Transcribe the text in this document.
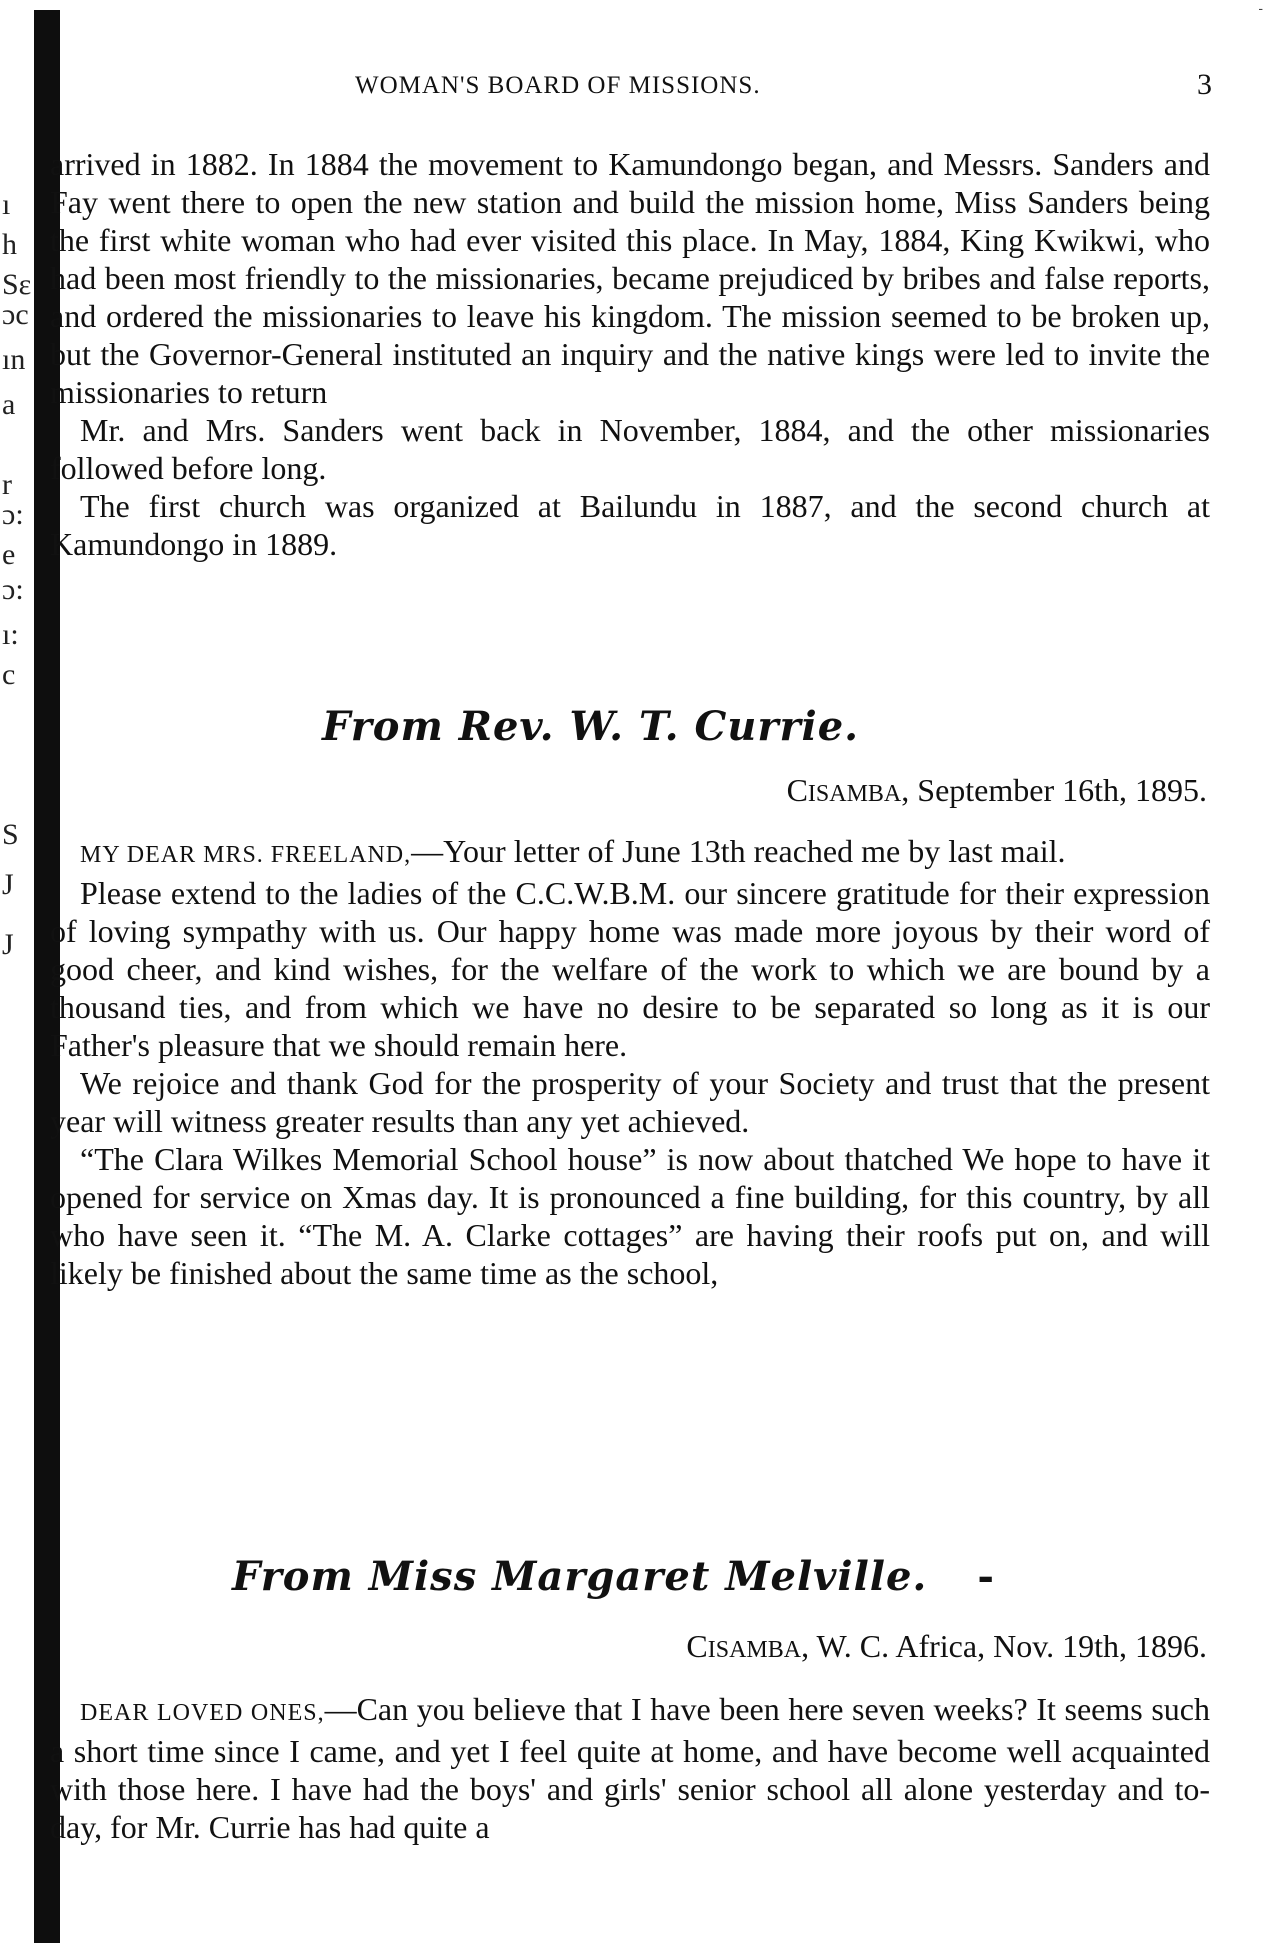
ı
h
Sε
ɔc
ın
a
r
ɔ:
e
ɔ:
ı:
c
S
J
J
-
WOMAN'S BOARD OF MISSIONS.	3

arrived in 1882. In 1884 the movement to Kamundongo began, and Messrs. Sanders and Fay went there to open the new station and build the mission home, Miss Sanders being the first white woman who had ever visited this place. In May, 1884, King Kwikwi, who had been most friendly to the missionaries, became prejudiced by bribes and false reports, and ordered the missionaries to leave his kingdom. The mission seemed to be broken up, but the Governor-General instituted an inquiry and the native kings were led to invite the missionaries to return

Mr. and Mrs. Sanders went back in November, 1884, and the other missionaries followed before long.

The first church was organized at Bailundu in 1887, and the second church at Kamundongo in 1889.

From Rev. W. T. Currie.
CISAMBA, September 16th, 1895.

MY DEAR MRS. FREELAND,—Your letter of June 13th reached me by last mail.

Please extend to the ladies of the C.C.W.B.M. our sincere gratitude for their expression of loving sympathy with us. Our happy home was made more joyous by their word of good cheer, and kind wishes, for the welfare of the work to which we are bound by a thousand ties, and from which we have no desire to be separated so long as it is our Father's pleasure that we should remain here.

We rejoice and thank God for the prosperity of your Society and trust that the present year will witness greater results than any yet achieved.

“The Clara Wilkes Memorial School house” is now about thatched We hope to have it opened for service on Xmas day. It is pronounced a fine building, for this country, by all who have seen it. “The M. A. Clarke cottages” are having their roofs put on, and will likely be finished about the same time as the school,

From Miss Margaret Melville. -
CISAMBA, W. C. Africa, Nov. 19th, 1896.

DEAR LOVED ONES,—Can you believe that I have been here seven weeks? It seems such a short time since I came, and yet I feel quite at home, and have become well acquainted with those here. I have had the boys' and girls' senior school all alone yesterday and to-day, for Mr. Currie has had quite a
